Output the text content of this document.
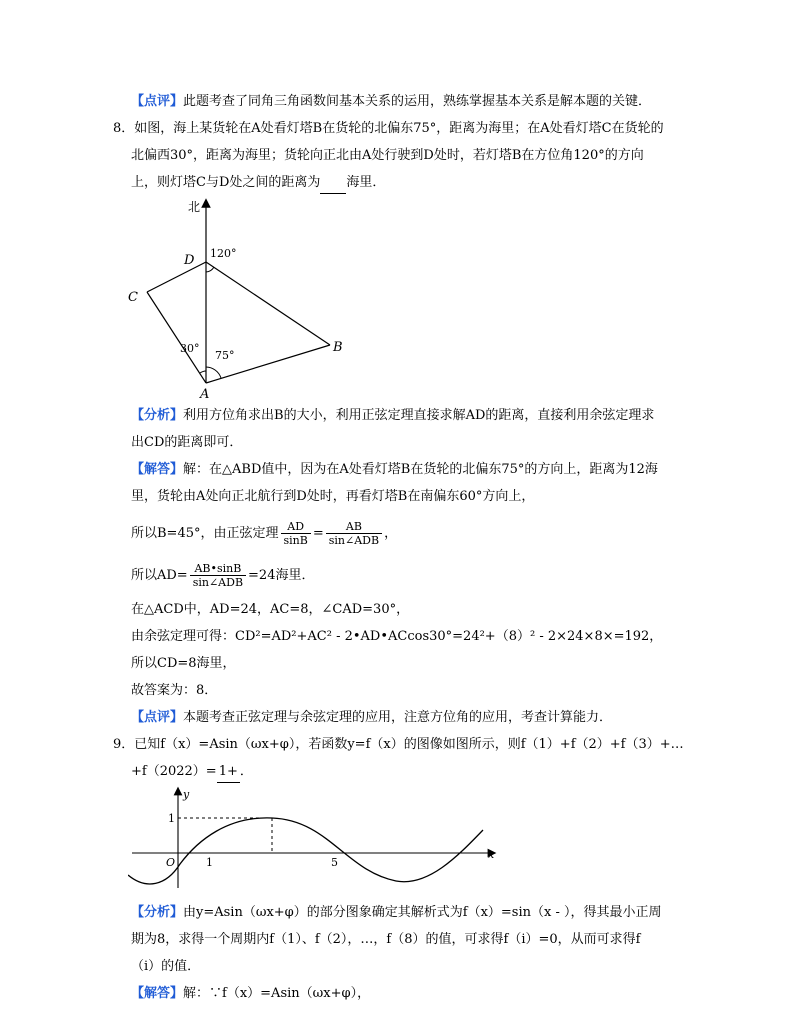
【点评】此题考查了同角三角函数间基本关系的运用，熟练掌握基本关系是解本题的关键．
8．如图，海上某货轮在A处看灯塔B在货轮的北偏东75°，距离为海里；在A处看灯塔C在货轮的
北偏西30°，距离为海里；货轮向正北由A处行驶到D处时，若灯塔B在方位角120°的方向
上，则灯塔C与D处之间的距离为 海里．
北
D
C
B
A
120°
30°
75°
【分析】利用方位角求出B的大小，利用正弦定理直接求解AD的距离，直接利用余弦定理求
出CD的距离即可．
【解答】解：在△ABD值中，因为在A处看灯塔B在货轮的北偏东75°的方向上，距离为12海
里，货轮由A处向正北航行到D处时，再看灯塔B在南偏东60°方向上，
所以B=45°，由正弦定理 $\frac{AD}{\sin B} = \frac{AB}{\text{sin∠ADB}}$ ，
所以$AD= \frac{AB•\sin B}{\text{sin∠ADB}} =24$海里．
在△ACD中，AD=24，AC=8，∠CAD=30°，
由余弦定理可得：CD²=AD²+AC² - 2•AD•ACcos30°=24²+（8）² - 2×24×8×=192，
所以CD=8海里，
故答案为：8．
【点评】本题考查正弦定理与余弦定理的应用，注意方位角的应用，考查计算能力．
9．已知f（x）=Asin（ωx+φ），若函数y=f（x）的图像如图所示，则f（1）+f（2）+f（3）+…
+f（2022）= 1+ ．
y
x
O
1
1	5
【分析】由y=Asin（ωx+φ）的部分图象确定其解析式为f（x）=sin（x - ），得其最小正周
期为8，求得一个周期内f（1）、f（2），…，f（8）的值，可求得f（i）=0，从而可求得f
（i）的值．
【解答】解：∵f（x）=Asin（ωx+φ），
